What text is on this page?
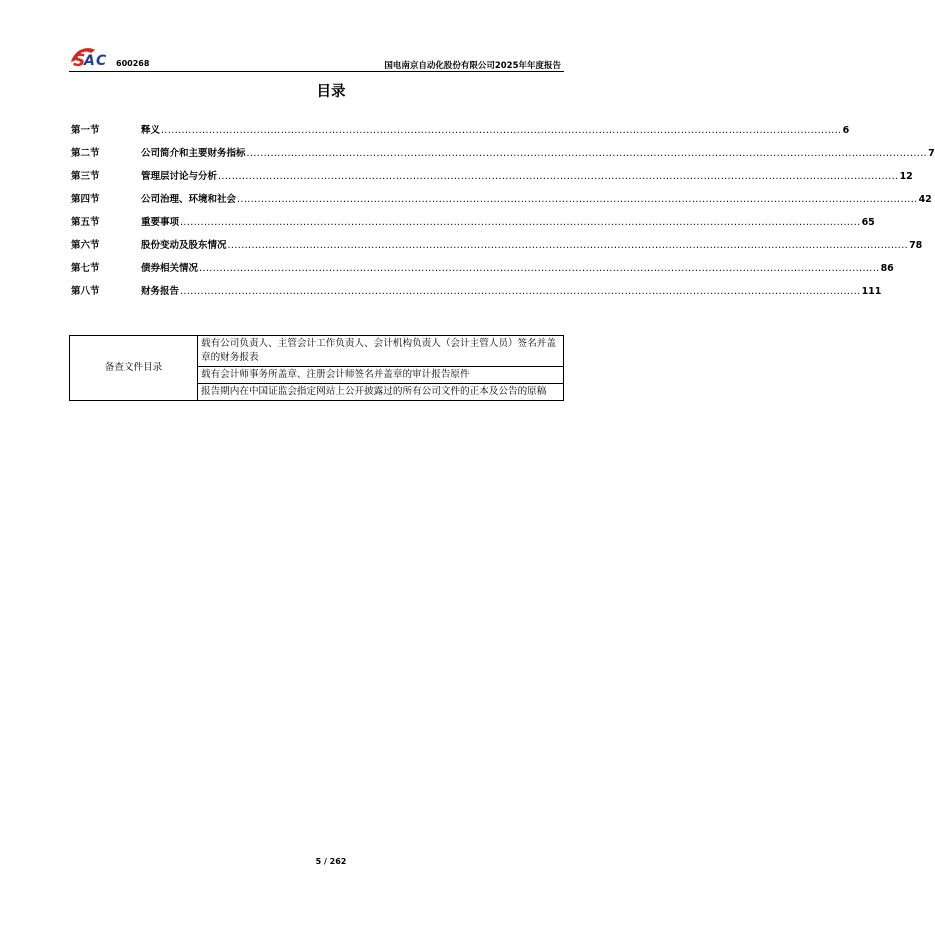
S
A C 600268	国电南京自动化股份有限公司2025年年度报告
目录
第一节	释义 ....................................................................................................................................................................................................... 6
第二节	公司简介和主要财务指标 ....................................................................................................................................................................................................... 7
第三节	管理层讨论与分析 ....................................................................................................................................................................................................... 12
第四节	公司治理、环境和社会 ....................................................................................................................................................................................................... 42
第五节	重要事项 ....................................................................................................................................................................................................... 65
第六节	股份变动及股东情况 ....................................................................................................................................................................................................... 78
第七节	债券相关情况 ....................................................................................................................................................................................................... 86
第八节	财务报告 ....................................................................................................................................................................................................... 111
备查文件目录	载有公司负责人、主管会计工作负责人、会计机构负责人（会计主管人员）签名并盖章的财务报表
载有会计师事务所盖章、注册会计师签名并盖章的审计报告原件
报告期内在中国证监会指定网站上公开披露过的所有公司文件的正本及公告的原稿
5 / 262
